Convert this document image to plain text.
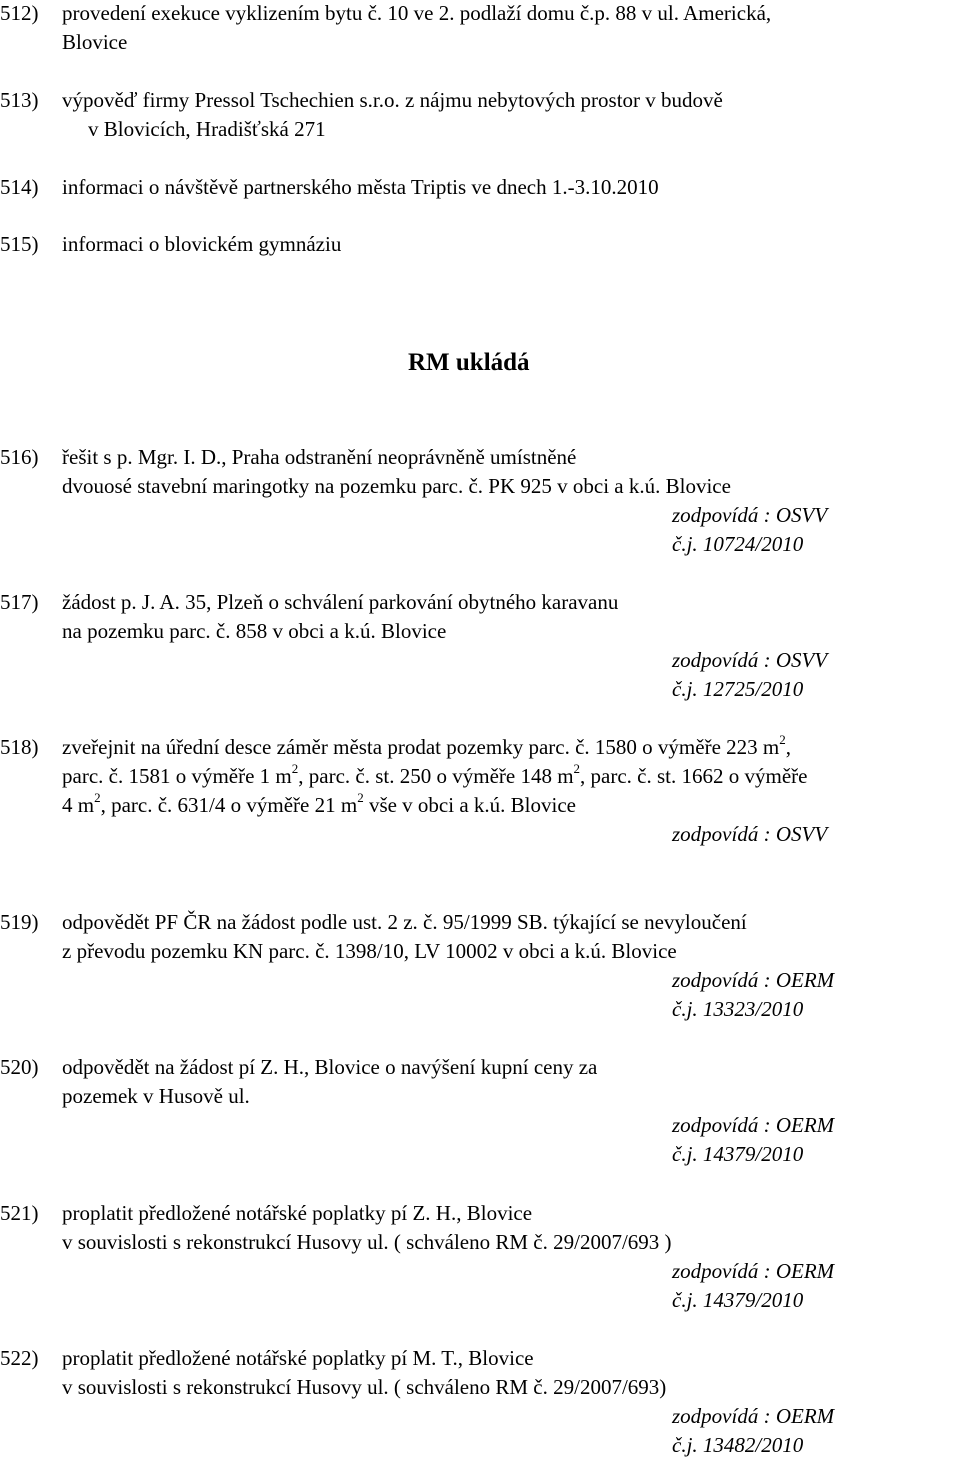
512) provedení exekuce vyklizením bytu č. 10 ve 2. podlaží domu č.p. 88 v ul. Americká,
Blovice
513) výpověď firmy Pressol Tschechien s.r.o. z nájmu nebytových prostor v budově
v Blovicích, Hradišťská 271
514) informaci o návštěvě partnerského města Triptis ve dnech 1.-3.10.2010
515) informaci o blovickém gymnáziu
RM ukládá
516) řešit s p. Mgr. I. D., Praha odstranění neoprávněně umístněné
dvouosé stavební maringotky na pozemku parc. č. PK 925 v obci a k.ú. Blovice
zodpovídá : OSVV
č.j. 10724/2010
517) žádost p. J. A. 35, Plzeň o schválení parkování obytného karavanu
na pozemku parc. č. 858 v obci a k.ú. Blovice
zodpovídá : OSVV
č.j. 12725/2010
518) zveřejnit na úřední desce záměr města prodat pozemky parc. č. 1580 o výměře 223 $m^2$,
parc. č. 1581 o výměře 1 $m^2$, parc. č. st. 250 o výměře 148 $m^2$, parc. č. st. 1662 o výměře
4 $m^2$, parc. č. 631/4 o výměře 21 $m^2$ vše v obci a k.ú. Blovice
zodpovídá : OSVV
519) odpovědět PF ČR na žádost podle ust. 2 z. č. 95/1999 SB. týkající se nevyloučení
z převodu pozemku KN parc. č. 1398/10, LV 10002 v obci a k.ú. Blovice
zodpovídá : OERM
č.j. 13323/2010
520) odpovědět na žádost pí Z. H., Blovice o navýšení kupní ceny za
pozemek v Husově ul.
zodpovídá : OERM
č.j. 14379/2010
521) proplatit předložené notářské poplatky pí Z. H., Blovice
v souvislosti s rekonstrukcí Husovy ul. ( schváleno RM č. 29/2007/693 )
zodpovídá : OERM
č.j. 14379/2010
522) proplatit předložené notářské poplatky pí M. T., Blovice
v souvislosti s rekonstrukcí Husovy ul. ( schváleno RM č. 29/2007/693)
zodpovídá : OERM
č.j. 13482/2010
